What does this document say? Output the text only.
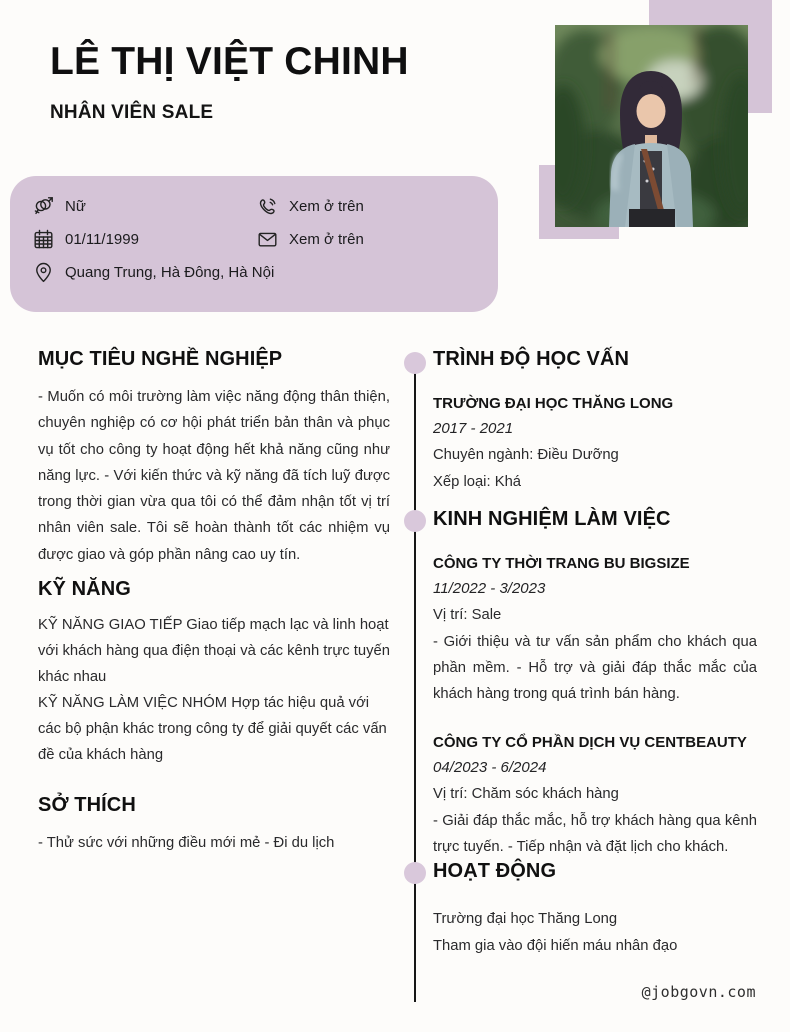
LÊ THỊ VIỆT CHINH
NHÂN VIÊN SALE
Nữ
01/11/1999
Quang Trung, Hà Đông, Hà Nội
Xem ở trên
Xem ở trên
MỤC TIÊU NGHỀ NGHIỆP

- Muốn có môi trường làm việc năng động thân thiện, chuyên nghiệp có cơ hội phát triển bản thân và phục vụ tốt cho công ty hoạt động hết khả năng cũng như năng lực. - Với kiến thức và kỹ năng đã tích luỹ được trong thời gian vừa qua tôi có thể đảm nhận tốt vị trí nhân viên sale. Tôi sẽ hoàn thành tốt các nhiệm vụ được giao và góp phần nâng cao uy tín.

KỸ NĂNG

KỸ NĂNG GIAO TIẾP Giao tiếp mạch lạc và linh hoạt với khách hàng qua điện thoại và các kênh trực tuyến khác nhau

KỸ NĂNG LÀM VIỆC NHÓM Hợp tác hiệu quả với các bộ phận khác trong công ty để giải quyết các vấn đề của khách hàng

SỞ THÍCH
- Thử sức với những điều mới mẻ - Đi du lịch
TRÌNH ĐỘ HỌC VẤN
TRƯỜNG ĐẠI HỌC THĂNG LONG
2017 - 2021
Chuyên ngành: Điều Dưỡng
Xếp loại: Khá
KINH NGHIỆM LÀM VIỆC
CÔNG TY THỜI TRANG BU BIGSIZE
11/2022 - 3/2023
Vị trí: Sale

- Giới thiệu và tư vấn sản phẩm cho khách qua phần mềm. - Hỗ trợ và giải đáp thắc mắc của khách hàng trong quá trình bán hàng.

CÔNG TY CỔ PHẦN DỊCH VỤ CENTBEAUTY
04/2023 - 6/2024
Vị trí: Chăm sóc khách hàng

- Giải đáp thắc mắc, hỗ trợ khách hàng qua kênh trực tuyến. - Tiếp nhận và đặt lịch cho khách.

HOẠT ĐỘNG
Trường đại học Thăng Long
Tham gia vào đội hiến máu nhân đạo
@jobgovn.com
